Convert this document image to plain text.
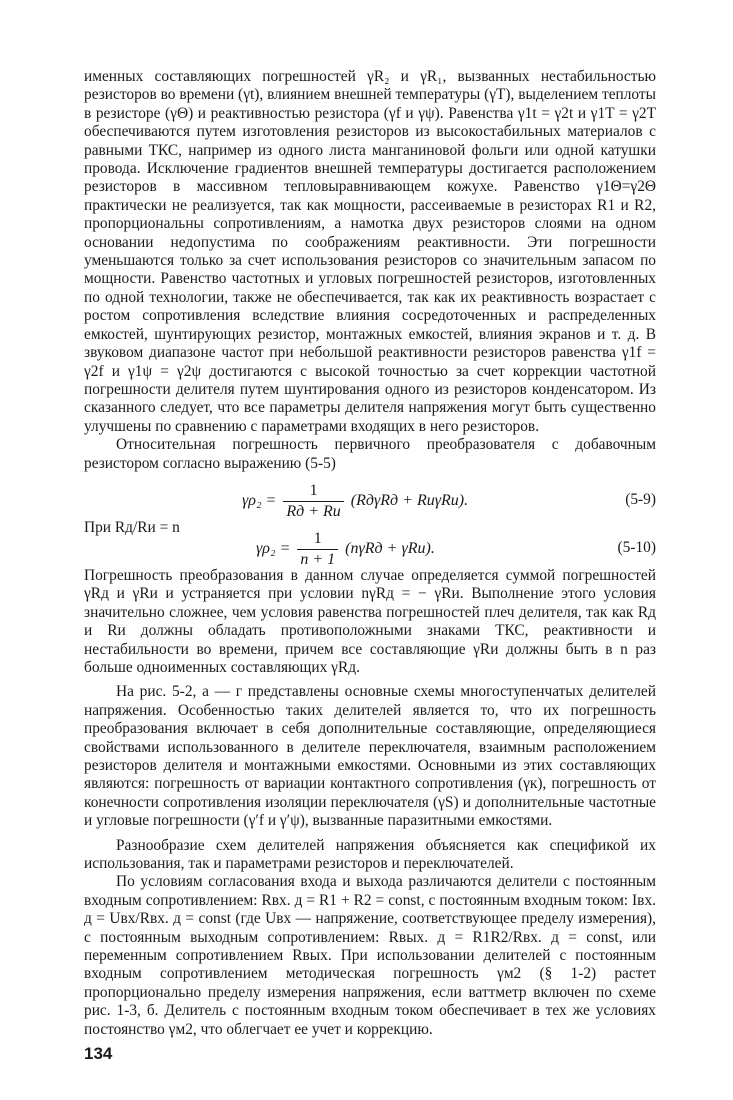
именных составляющих погрешностей γR₂ и γR₁, вызванных нестабильностью резисторов во времени (γt), влиянием внешней температуры (γT), выделением теплоты в резисторе (γΘ) и реактивностью резистора (γf и γψ). Равенства γ1t = γ2t и γ1T = γ2T обеспечиваются путем изготовления резисторов из высокостабильных материалов с равными ТКС, например из одного листа манганиновой фольги или одной катушки провода. Исключение градиентов внешней температуры достигается расположением резисторов в массивном тепловыравнивающем кожухе. Равенство γ1Θ=γ2Θ практически не реализуется, так как мощности, рассеиваемые в резисторах R1 и R2, пропорциональны сопротивлениям, а намотка двух резисторов слоями на одном основании недопустима по соображениям реактивности. Эти погрешности уменьшаются только за счет использования резисторов со значительным запасом по мощности. Равенство частотных и угловых погрешностей резисторов, изготовленных по одной технологии, также не обеспечивается, так как их реактивность возрастает с ростом сопротивления вследствие влияния сосредоточенных и распределенных емкостей, шунтирующих резистор, монтажных емкостей, влияния экранов и т. д. В звуковом диапазоне частот при небольшой реактивности резисторов равенства γ1f = γ2f и γ1ψ = γ2ψ достигаются с высокой точностью за счет коррекции частотной погрешности делителя путем шунтирования одного из резисторов конденсатором. Из сказанного следует, что все параметры делителя напряжения могут быть существенно улучшены по сравнению с параметрами входящих в него резисторов.

Относительная погрешность первичного преобразователя с добавочным резистором согласно выражению (5-5)

$\gamma\rho_2 = \frac{1}{Rд + Rи} (Rд\gamma Rд + Rи\gamma Rи)$.	(5-9)

При Rд/Rи = n

$\gamma\rho_2 = \frac{1}{n + 1} (n\gamma Rд + \gamma Rи)$.	(5-10)

Погрешность преобразования в данном случае определяется суммой погрешностей γRд и γRи и устраняется при условии nγRд = − γRи. Выполнение этого условия значительно сложнее, чем условия равенства погрешностей плеч делителя, так как Rд и Rи должны обладать противоположными знаками ТКС, реактивности и нестабильности во времени, причем все составляющие γRи должны быть в n раз больше одноименных составляющих γRд.

На рис. 5-2, а — г представлены основные схемы многоступенчатых делителей напряжения. Особенностью таких делителей является то, что их погрешность преобразования включает в себя дополнительные составляющие, определяющиеся свойствами использованного в делителе переключателя, взаимным расположением резисторов делителя и монтажными емкостями. Основными из этих составляющих являются: погрешность от вариации контактного сопротивления (γк), погрешность от конечности сопротивления изоляции переключателя (γS) и дополнительные частотные и угловые погрешности (γ′f и γ′ψ), вызванные паразитными емкостями.

Разнообразие схем делителей напряжения объясняется как спецификой их использования, так и параметрами резисторов и переключателей.

По условиям согласования входа и выхода различаются делители с постоянным входным сопротивлением: Rвх. д = R1 + R2 = const, с постоянным входным током: Iвх. д = Uвх/Rвх. д = const (где Uвх — напряжение, соответствующее пределу измерения), с постоянным выходным сопротивлением: Rвых. д = R1R2/Rвх. д = const, или переменным сопротивлением Rвых. При использовании делителей с постоянным входным сопротивлением методическая погрешность γм2 (§ 1-2) растет пропорционально пределу измерения напряжения, если ваттметр включен по схеме рис. 1-3, б. Делитель с постоянным входным током обеспечивает в тех же условиях постоянство γм2, что облегчает ее учет и коррекцию.

134
